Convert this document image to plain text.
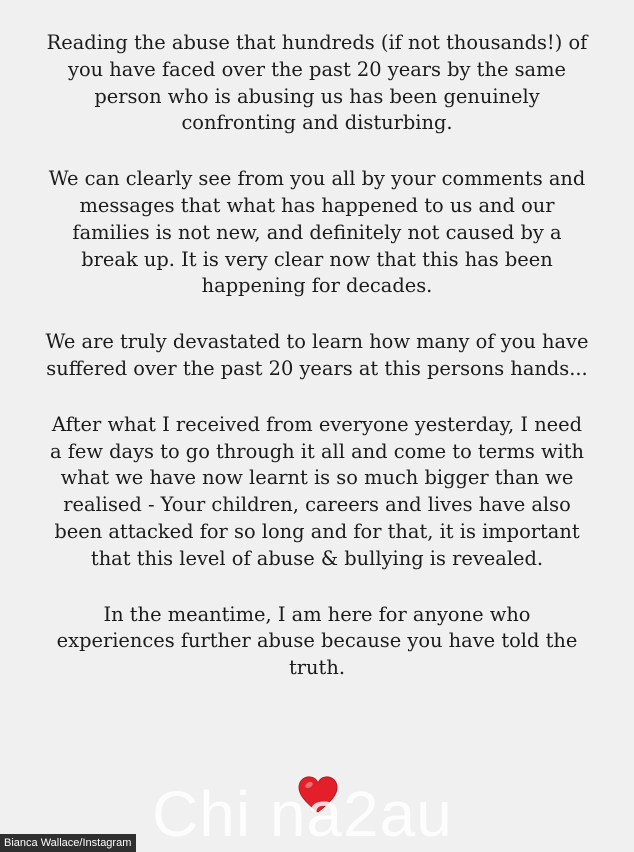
Reading the abuse that hundreds (if not thousands!) of
you have faced over the past 20 years by the same
person who is abusing us has been genuinely
confronting and disturbing.

We can clearly see from you all by your comments and
messages that what has happened to us and our
families is not new, and definitely not caused by a
break up. It is very clear now that this has been
happening for decades.

We are truly devastated to learn how many of you have
suffered over the past 20 years at this persons hands...

After what I received from everyone yesterday, I need
a few days to go through it all and come to terms with
what we have now learnt is so much bigger than we
realised - Your children, careers and lives have also
been attacked for so long and for that, it is important
that this level of abuse & bullying is revealed.

In the meantime, I am here for anyone who
experiences further abuse because you have told the
truth.

Chi na2au
Bianca Wallace/Instagram
